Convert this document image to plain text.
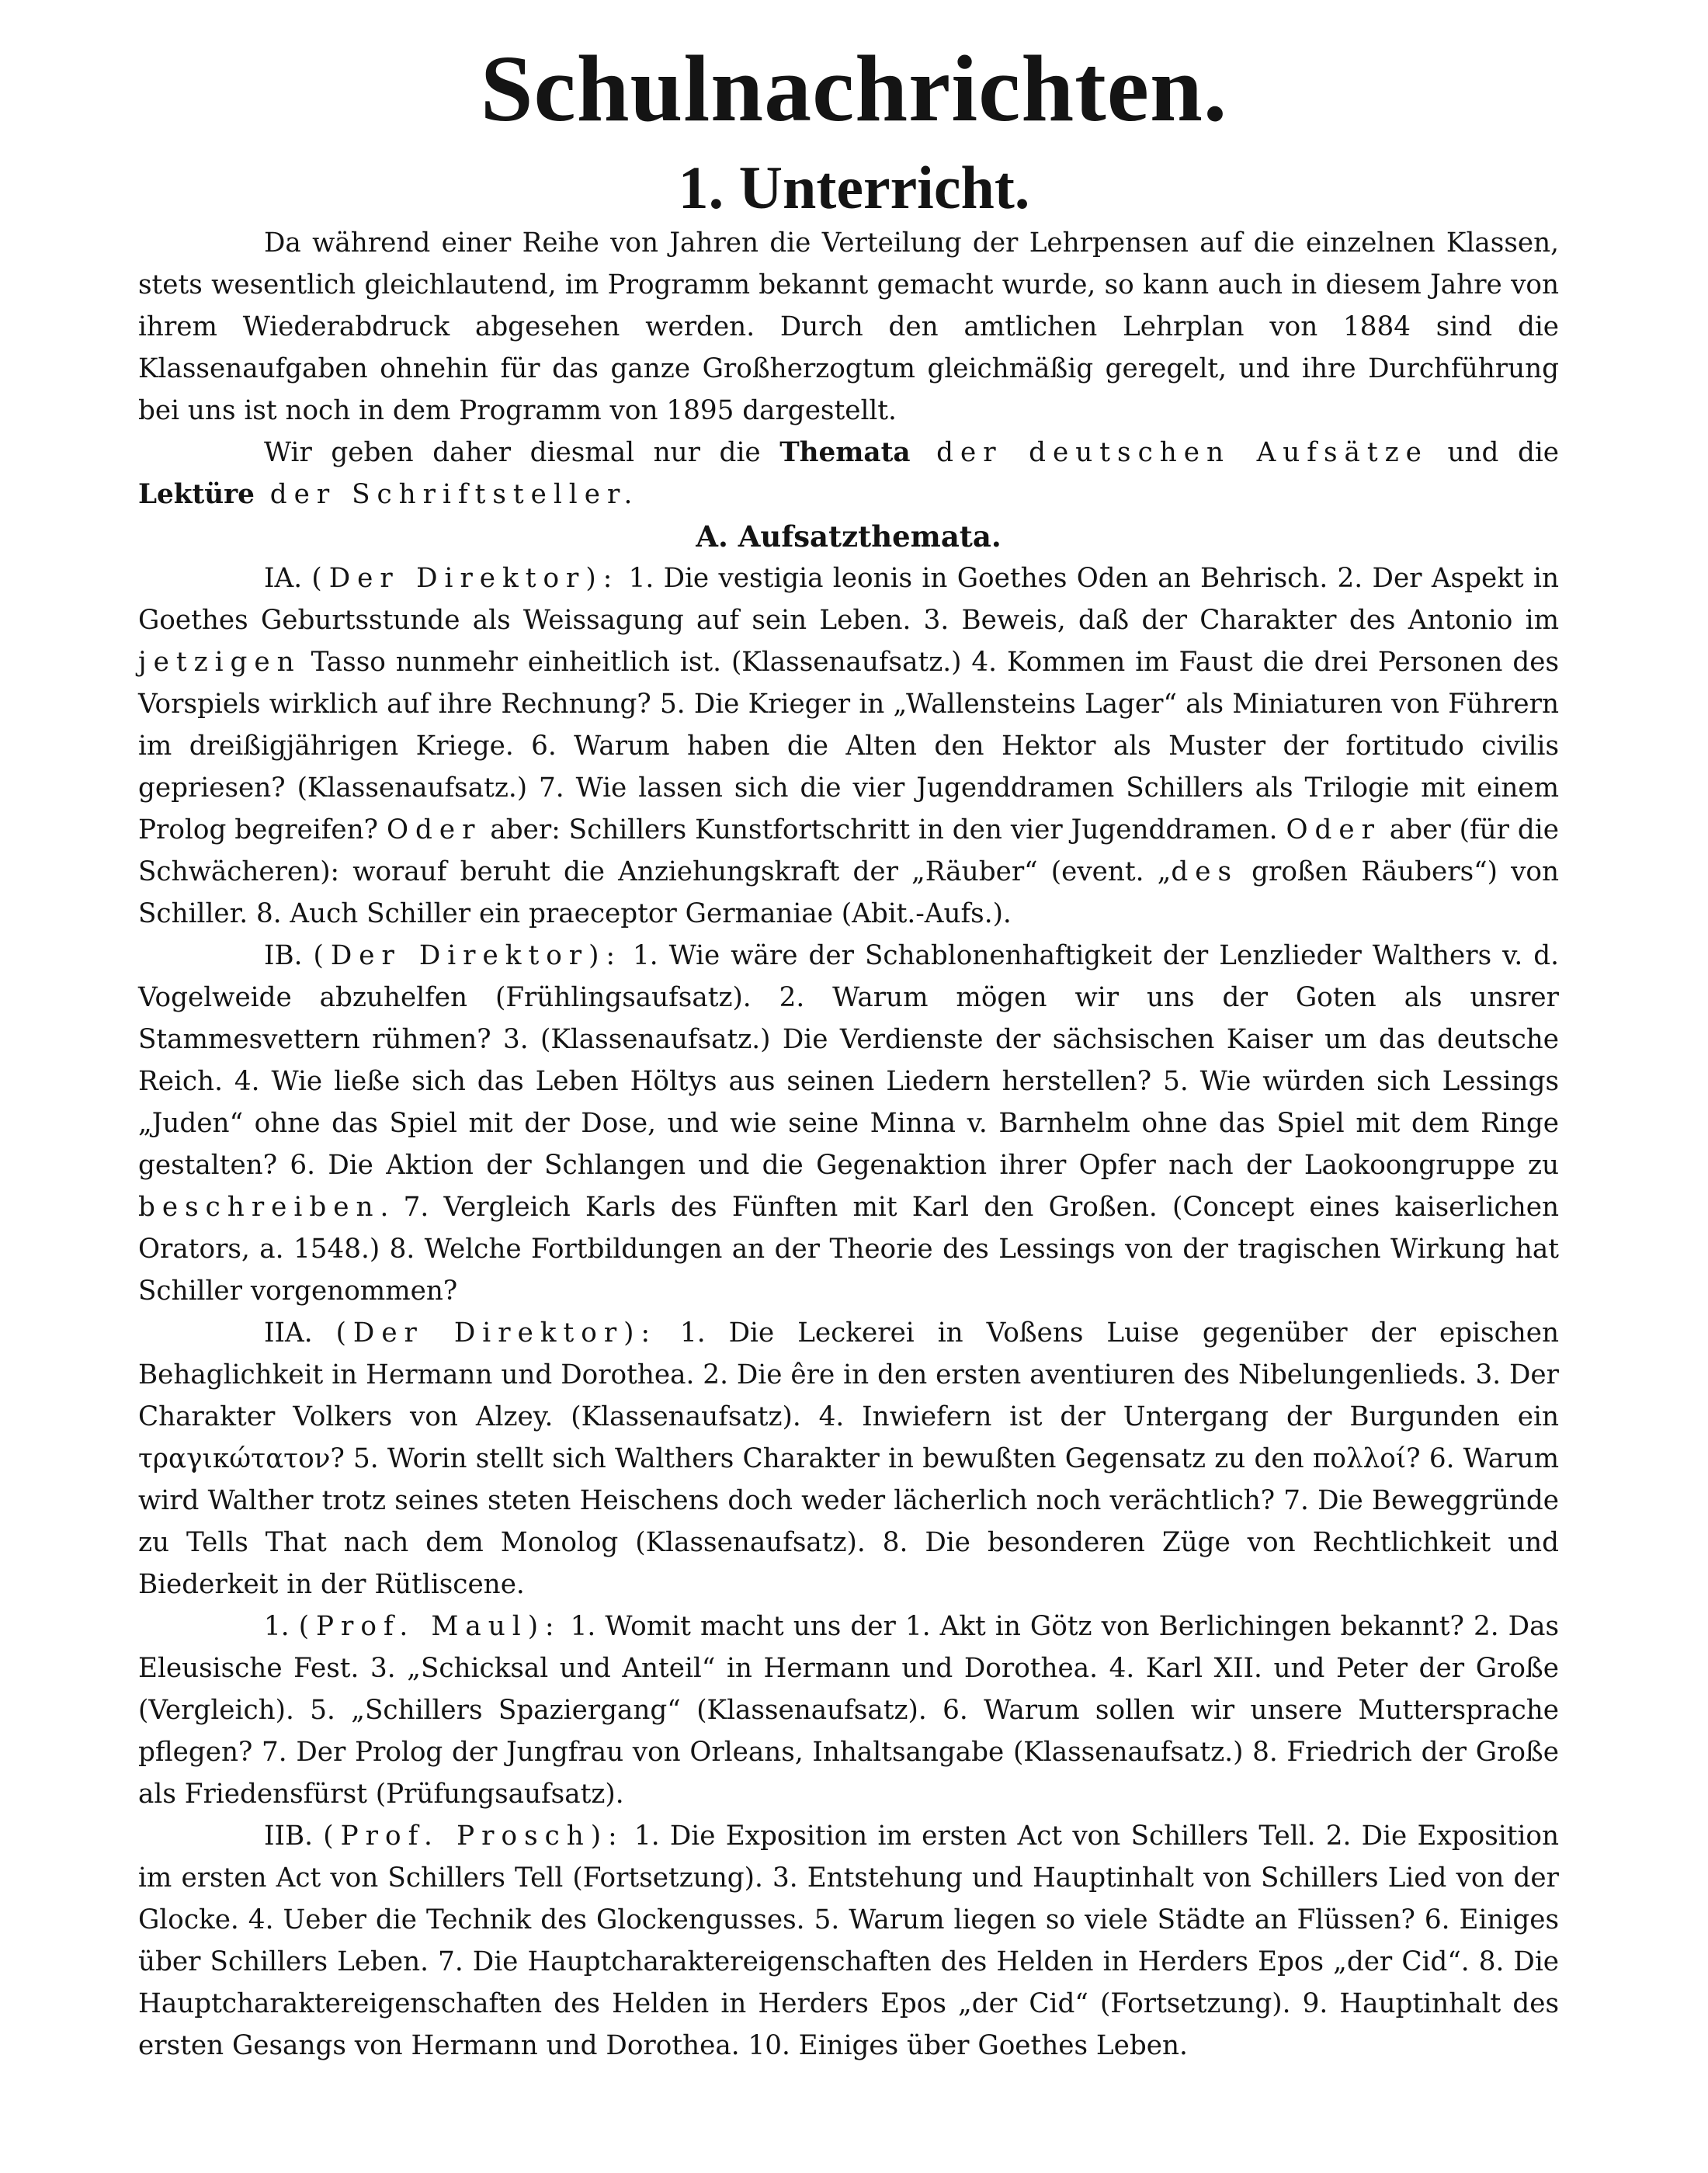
Schulnachrichten.
1. Unterricht.

Da während einer Reihe von Jahren die Verteilung der Lehrpensen auf die einzelnen Klassen, stets wesentlich gleichlautend, im Programm bekannt gemacht wurde, so kann auch in diesem Jahre von ihrem Wiederabdruck abgesehen werden. Durch den amtlichen Lehrplan von 1884 sind die Klassenaufgaben ohnehin für das ganze Großherzogtum gleichmäßig geregelt, und ihre Durchführung bei uns ist noch in dem Programm von 1895 dargestellt.

Wir geben daher diesmal nur die Themata der deutschen Aufsätze und die Lektüre der Schriftsteller.

A. Aufsatzthemata.

IA. (Der Direktor): 1. Die vestigia leonis in Goethes Oden an Behrisch. 2. Der Aspekt in Goethes Geburtsstunde als Weissagung auf sein Leben. 3. Beweis, daß der Charakter des Antonio im jetzigen Tasso nunmehr einheitlich ist. (Klassenaufsatz.) 4. Kommen im Faust die drei Personen des Vorspiels wirklich auf ihre Rechnung? 5. Die Krieger in „Wallensteins Lager“ als Miniaturen von Führern im dreißigjährigen Kriege. 6. Warum haben die Alten den Hektor als Muster der fortitudo civilis gepriesen? (Klassenaufsatz.) 7. Wie lassen sich die vier Jugenddramen Schillers als Trilogie mit einem Prolog begreifen? Oder aber: Schillers Kunstfortschritt in den vier Jugenddramen. Oder aber (für die Schwächeren): worauf beruht die Anziehungskraft der „Räuber“ (event. „des großen Räubers“) von Schiller. 8. Auch Schiller ein praeceptor Germaniae (Abit.-Aufs.).

IB. (Der Direktor): 1. Wie wäre der Schablonenhaftigkeit der Lenzlieder Walthers v. d. Vogelweide abzuhelfen (Frühlingsaufsatz). 2. Warum mögen wir uns der Goten als unsrer Stammesvettern rühmen? 3. (Klassenaufsatz.) Die Verdienste der sächsischen Kaiser um das deutsche Reich. 4. Wie ließe sich das Leben Höltys aus seinen Liedern herstellen? 5. Wie würden sich Lessings „Juden“ ohne das Spiel mit der Dose, und wie seine Minna v. Barnhelm ohne das Spiel mit dem Ringe gestalten? 6. Die Aktion der Schlangen und die Gegenaktion ihrer Opfer nach der Laokoongruppe zu beschreiben. 7. Vergleich Karls des Fünften mit Karl den Großen. (Concept eines kaiserlichen Orators, a. 1548.) 8. Welche Fortbildungen an der Theorie des Lessings von der tragischen Wirkung hat Schiller vorgenommen?

IIA. (Der Direktor): 1. Die Leckerei in Voßens Luise gegenüber der epischen Behaglichkeit in Hermann und Dorothea. 2. Die êre in den ersten aventiuren des Nibelungenlieds. 3. Der Charakter Volkers von Alzey. (Klassenaufsatz). 4. Inwiefern ist der Untergang der Burgunden ein τραγικώτατον? 5. Worin stellt sich Walthers Charakter in bewußten Gegensatz zu den πολλοί? 6. Warum wird Walther trotz seines steten Heischens doch weder lächerlich noch verächtlich? 7. Die Beweggründe zu Tells That nach dem Monolog (Klassenaufsatz). 8. Die besonderen Züge von Rechtlichkeit und Biederkeit in der Rütliscene.

1. (Prof. Maul): 1. Womit macht uns der 1. Akt in Götz von Berlichingen bekannt? 2. Das Eleusische Fest. 3. „Schicksal und Anteil“ in Hermann und Dorothea. 4. Karl XII. und Peter der Große (Vergleich). 5. „Schillers Spaziergang“ (Klassenaufsatz). 6. Warum sollen wir unsere Muttersprache pflegen? 7. Der Prolog der Jungfrau von Orleans, Inhaltsangabe (Klassenaufsatz.) 8. Friedrich der Große als Friedensfürst (Prüfungsaufsatz).

IIB. (Prof. Prosch): 1. Die Exposition im ersten Act von Schillers Tell. 2. Die Exposition im ersten Act von Schillers Tell (Fortsetzung). 3. Entstehung und Hauptinhalt von Schillers Lied von der Glocke. 4. Ueber die Technik des Glockengusses. 5. Warum liegen so viele Städte an Flüssen? 6. Einiges über Schillers Leben. 7. Die Hauptcharaktereigenschaften des Helden in Herders Epos „der Cid“. 8. Die Hauptcharaktereigenschaften des Helden in Herders Epos „der Cid“ (Fortsetzung). 9. Hauptinhalt des ersten Gesangs von Hermann und Dorothea. 10. Einiges über Goethes Leben.
